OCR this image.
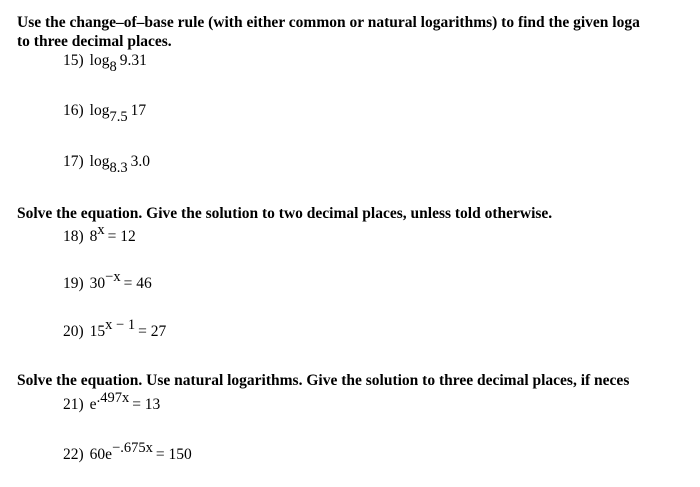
Use the change–of–base rule (with either common or natural logarithms) to find the given loga
to three decimal places.
15) log8 9.31
16) log7.5 17
17) log8.3 3.0
Solve the equation. Give the solution to two decimal places, unless told otherwise.
18) 8x = 12
19) 30−x = 46
20) 15x − 1 = 27
Solve the equation. Use natural logarithms. Give the solution to three decimal places, if neces
21) e.497x = 13
22) 60e−.675x = 150
